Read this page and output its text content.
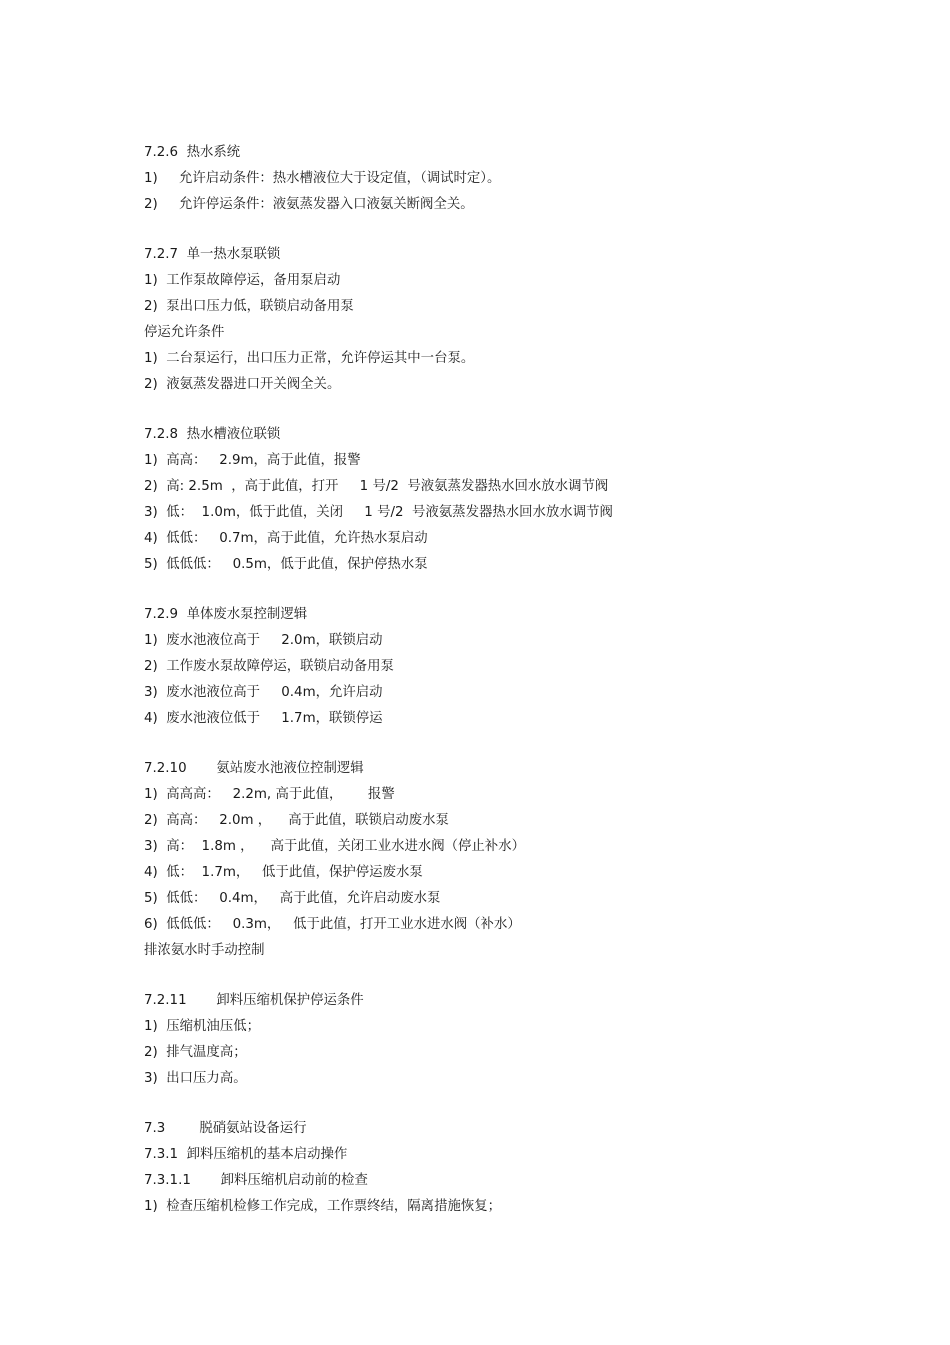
7.2.6  热水系统
1)     允许启动条件：热水槽液位大于设定值，（调试时定）。
2)     允许停运条件：液氨蒸发器入口液氨关断阀全关。
7.2.7  单一热水泵联锁
1)  工作泵故障停运，备用泵启动
2)  泵出口压力低，联锁启动备用泵
停运允许条件
1)  二台泵运行，出口压力正常，允许停运其中一台泵。
2)  液氨蒸发器进口开关阀全关。
7.2.8  热水槽液位联锁
1)  高高：   2.9m，高于此值，报警
2)  高: 2.5m  ，高于此值，打开     1 号/2  号液氨蒸发器热水回水放水调节阀
3)  低：  1.0m，低于此值，关闭     1 号/2  号液氨蒸发器热水回水放水调节阀
4)  低低：   0.7m，高于此值，允许热水泵启动
5)  低低低：   0.5m，低于此值，保护停热水泵
7.2.9  单体废水泵控制逻辑
1)  废水池液位高于     2.0m，联锁启动
2)  工作废水泵故障停运，联锁启动备用泵
3)  废水池液位高于     0.4m，允许启动
4)  废水池液位低于     1.7m，联锁停运
7.2.10       氨站废水池液位控制逻辑
1)  高高高：   2.2m, 高于此值，      报警
2)  高高：   2.0m ，    高于此值，联锁启动废水泵
3)  高：  1.8m ，    高于此值，关闭工业水进水阀（停止补水）
4)  低：  1.7m，   低于此值，保护停运废水泵
5)  低低：   0.4m，   高于此值，允许启动废水泵
6)  低低低：   0.3m，   低于此值，打开工业水进水阀（补水）
排浓氨水时手动控制
7.2.11       卸料压缩机保护停运条件
1)  压缩机油压低；
2)  排气温度高；
3)  出口压力高。
7.3        脱硝氨站设备运行
7.3.1  卸料压缩机的基本启动操作
7.3.1.1       卸料压缩机启动前的检查
1)  检查压缩机检修工作完成，工作票终结，隔离措施恢复；
